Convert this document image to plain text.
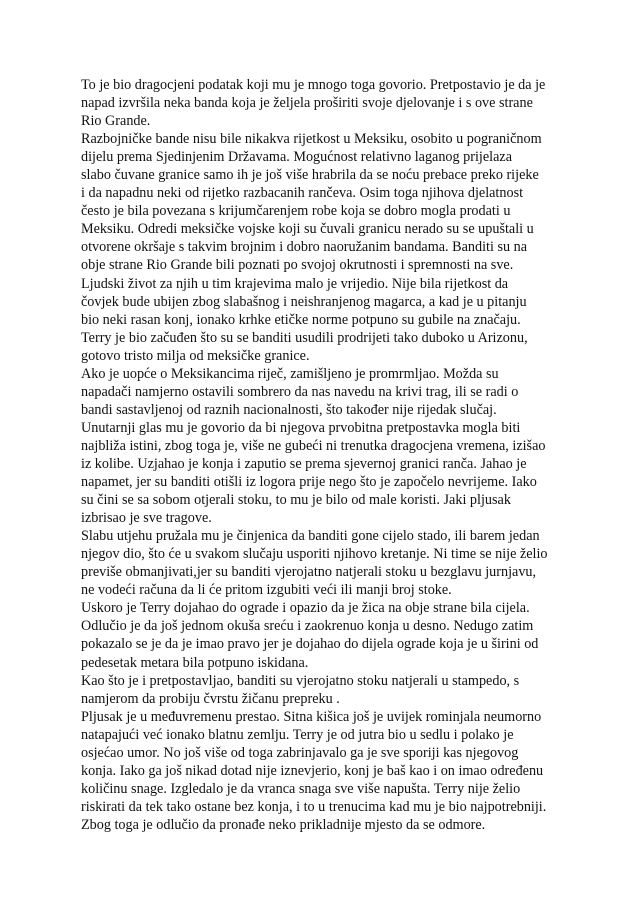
To je bio dragocjeni podatak koji mu je mnogo toga govorio. Pretpostavio je da je
napad izvršila neka banda koja je željela proširiti svoje djelovanje i s ove strane
Rio Grande.
Razbojničke bande nisu bile nikakva rijetkost u Meksiku, osobito u pograničnom
dijelu prema Sjedinjenim Državama. Mogućnost relativno laganog prijelaza
slabo čuvane granice samo ih je još više hrabrila da se noću prebace preko rijeke
i da napadnu neki od rijetko razbacanih rančeva. Osim toga njihova djelatnost
često je bila povezana s krijumčarenjem robe koja se dobro mogla prodati u
Meksiku. Odredi meksičke vojske koji su čuvali granicu nerado su se upuštali u
otvorene okršaje s takvim brojnim i dobro naoružanim bandama. Banditi su na
obje strane Rio Grande bili poznati po svojoj okrutnosti i spremnosti na sve.
Ljudski život za njih u tim krajevima malo je vrijedio. Nije bila rijetkost da
čovjek bude ubijen zbog slabašnog i neishranjenog magarca, a kad je u pitanju
bio neki rasan konj, ionako krhke etičke norme potpuno su gubile na značaju.
Terry je bio začuđen što su se banditi usudili prodrijeti tako duboko u Arizonu,
gotovo tristo milja od meksičke granice.
Ako je uopće o Meksikancima riječ, zamišljeno je promrmljao. Možda su
napadači namjerno ostavili sombrero da nas navedu na krivi trag, ili se radi o
bandi sastavljenoj od raznih nacionalnosti, što također nije rijedak slučaj.
Unutarnji glas mu je govorio da bi njegova prvobitna pretpostavka mogla biti
najbliža istini, zbog toga je, više ne gubeći ni trenutka dragocjena vremena, izišao
iz kolibe. Uzjahao je konja i zaputio se prema sjevernoj granici ranča. Jahao je
napamet, jer su banditi otišli iz logora prije nego što je započelo nevrijeme. Iako
su čini se sa sobom otjerali stoku, to mu je bilo od male koristi. Jaki pljusak
izbrisao je sve tragove.
Slabu utjehu pružala mu je činjenica da banditi gone cijelo stado, ili barem jedan
njegov dio, što će u svakom slučaju usporiti njihovo kretanje. Ni time se nije želio
previše obmanjivati,jer su banditi vjerojatno natjerali stoku u bezglavu jurnjavu,
ne vodeći računa da li će pritom izgubiti veći ili manji broj stoke.
Uskoro je Terry dojahao do ograde i opazio da je žica na obje strane bila cijela.
Odlučio je da još jednom okuša sreću i zaokrenuo konja u desno. Nedugo zatim
pokazalo se je da je imao pravo jer je dojahao do dijela ograde koja je u širini od
pedesetak metara bila potpuno iskidana.
Kao što je i pretpostavljao, banditi su vjerojatno stoku natjerali u stampedo, s
namjerom da probiju čvrstu žičanu prepreku .
Pljusak je u međuvremenu prestao. Sitna kišica još je uvijek rominjala neumorno
natapajući već ionako blatnu zemlju. Terry je od jutra bio u sedlu i polako je
osjećao umor. No još više od toga zabrinjavalo ga je sve sporiji kas njegovog
konja. Iako ga još nikad dotad nije iznevjerio, konj je baš kao i on imao određenu
količinu snage. Izgledalo je da vranca snaga sve više napušta. Terry nije želio
riskirati da tek tako ostane bez konja, i to u trenucima kad mu je bio najpotrebniji.
Zbog toga je odlučio da pronađe neko prikladnije mjesto da se odmore.
